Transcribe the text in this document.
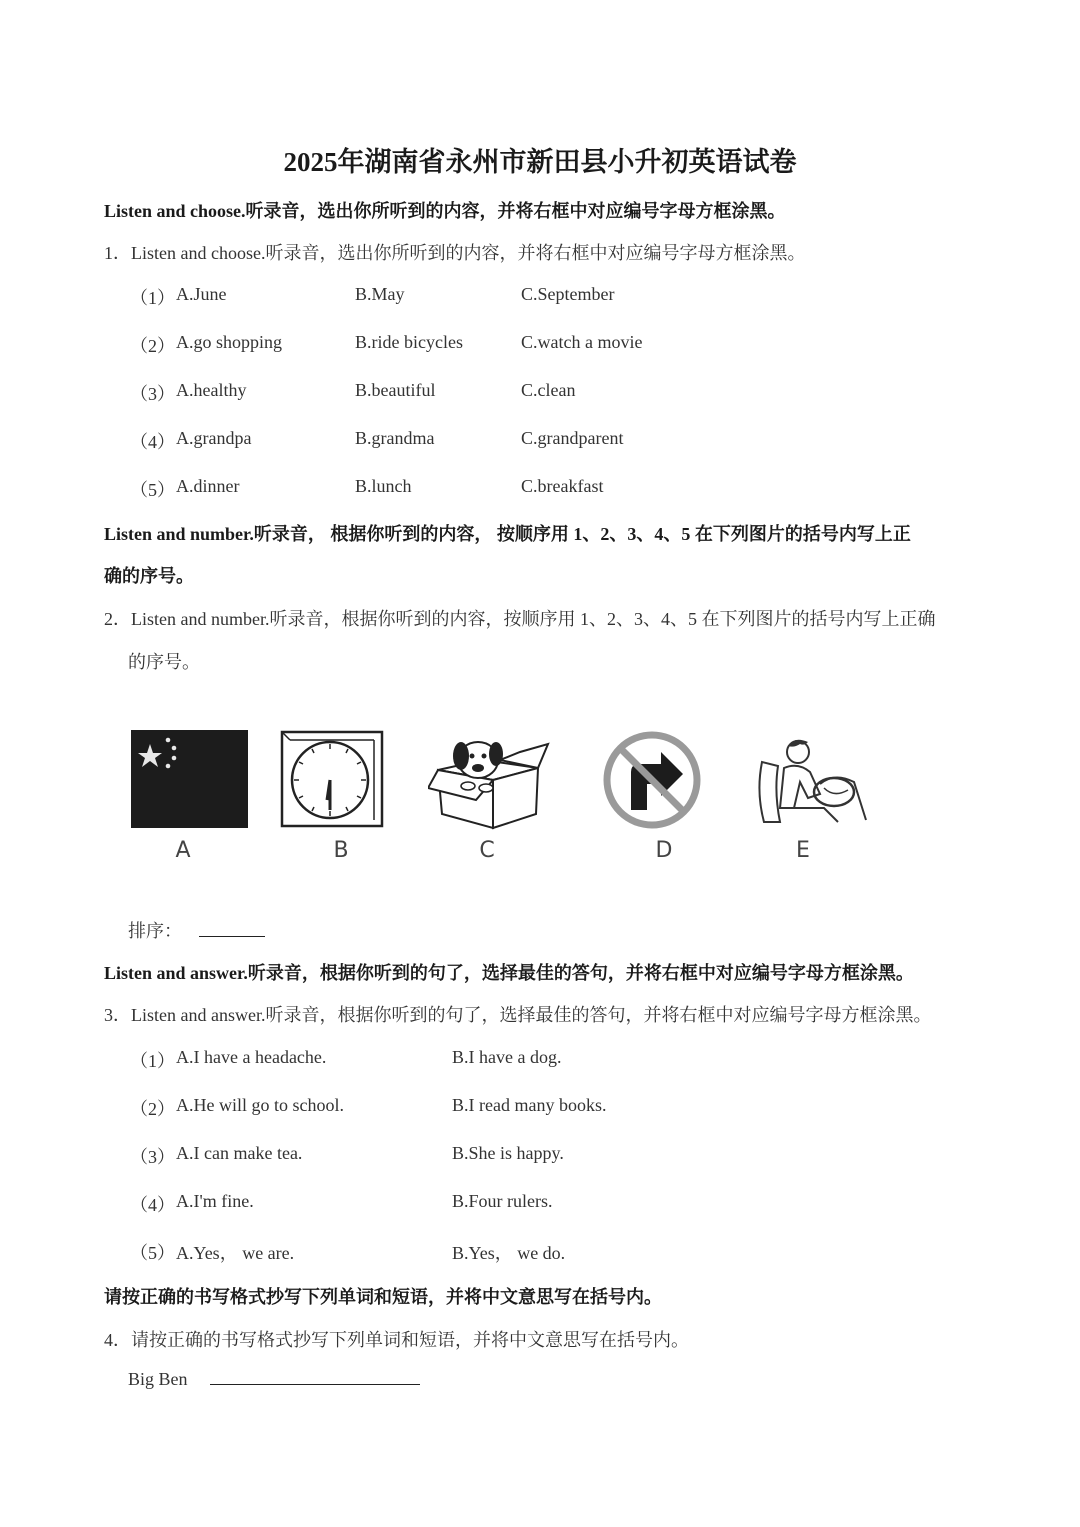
2025年湖南省永州市新田县小升初英语试卷
Listen and choose.听录音，选出你所听到的内容，并将右框中对应编号字母方框涂黑。
1．Listen and choose.听录音，选出你所听到的内容，并将右框中对应编号字母方框涂黑。
（1） A.June	B.May	C.September
（2） A.go shopping	B.ride bicycles	C.watch a movie
（3） A.healthy	B.beautiful	C.clean
（4） A.grandpa	B.grandma	C.grandparent
（5） A.dinner	B.lunch	C.breakfast
Listen and number.听录音， 根据你听到的内容， 按顺序用 1、2、3、4、5 在下列图片的括号内写上正
确的序号。
2．Listen and number.听录音，根据你听到的内容，按顺序用 1、2、3、4、5 在下列图片的括号内写上正确
的序号。
A	B	C	D	E
排序：
Listen and answer.听录音，根据你听到的句了，选择最佳的答句，并将右框中对应编号字母方框涂黑。
3．Listen and answer.听录音，根据你听到的句了，选择最佳的答句，并将右框中对应编号字母方框涂黑。
（1） A.I have a headache.	B.I have a dog.
（2） A.He will go to school.	B.I read many books.
（3） A.I can make tea.	B.She is happy.
（4） A.I'm fine.	B.Four rulers.
（5） A.Yes， we are.	B.Yes， we do.
请按正确的书写格式抄写下列单词和短语，并将中文意思写在括号内。
4．请按正确的书写格式抄写下列单词和短语，并将中文意思写在括号内。
Big Ben
